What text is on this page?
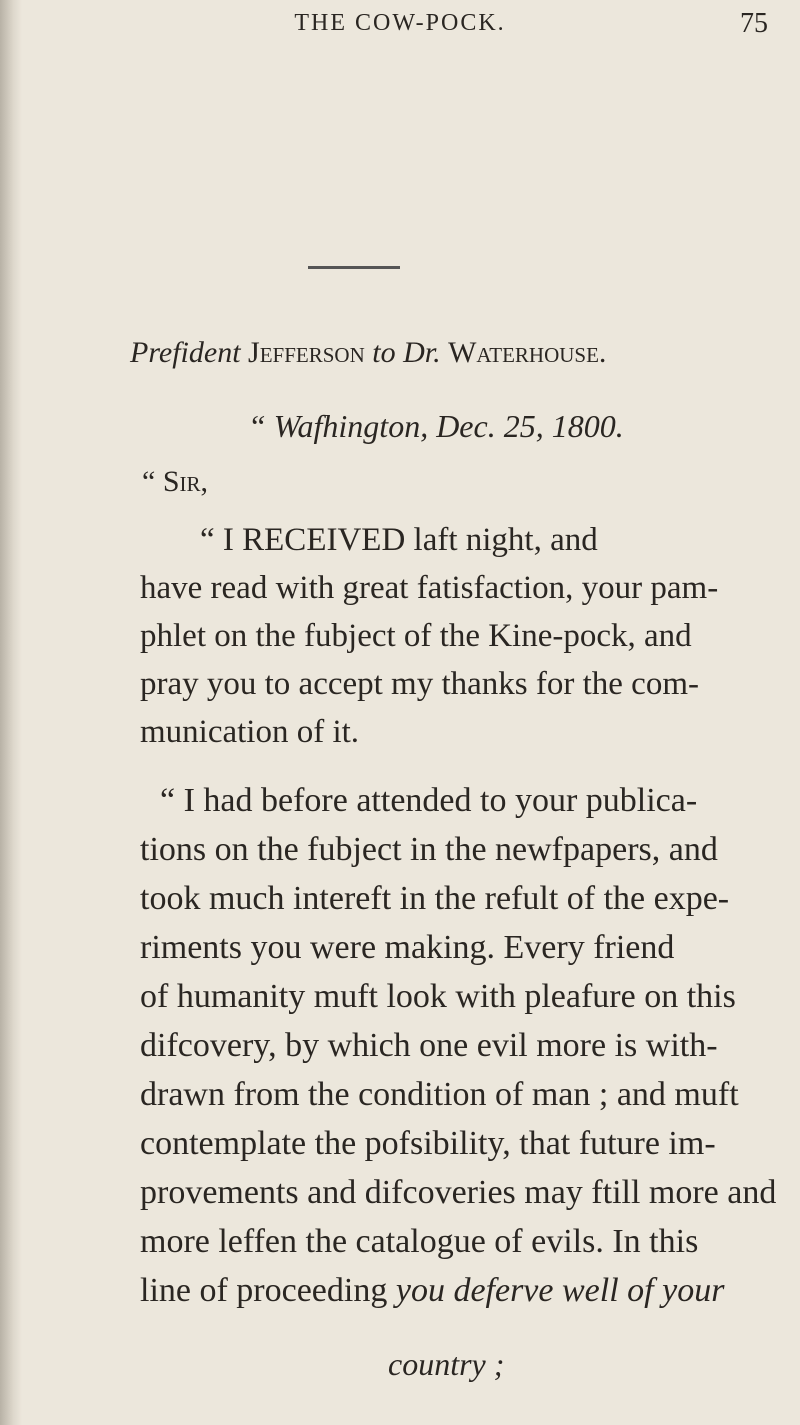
THE COW-POCK.	75
Prefident Jefferson to Dr. Waterhouse.
“ Wafhington, Dec. 25, 1800.
“ Sir,
“ I RECEIVED laft night, and
have read with great fatisfaction, your pam-
phlet on the fubject of the Kine-pock, and
pray you to accept my thanks for the com-
munication of it.
“ I had before attended to your publica-
tions on the fubject in the newfpapers, and
took much intereft in the refult of the expe-
riments you were making. Every friend
of humanity muft look with pleafure on this
difcovery, by which one evil more is with-
drawn from the condition of man ; and muft
contemplate the pofsibility, that future im-
provements and difcoveries may ftill more and
more leffen the catalogue of evils. In this
line of proceeding you deferve well of your
country ;
